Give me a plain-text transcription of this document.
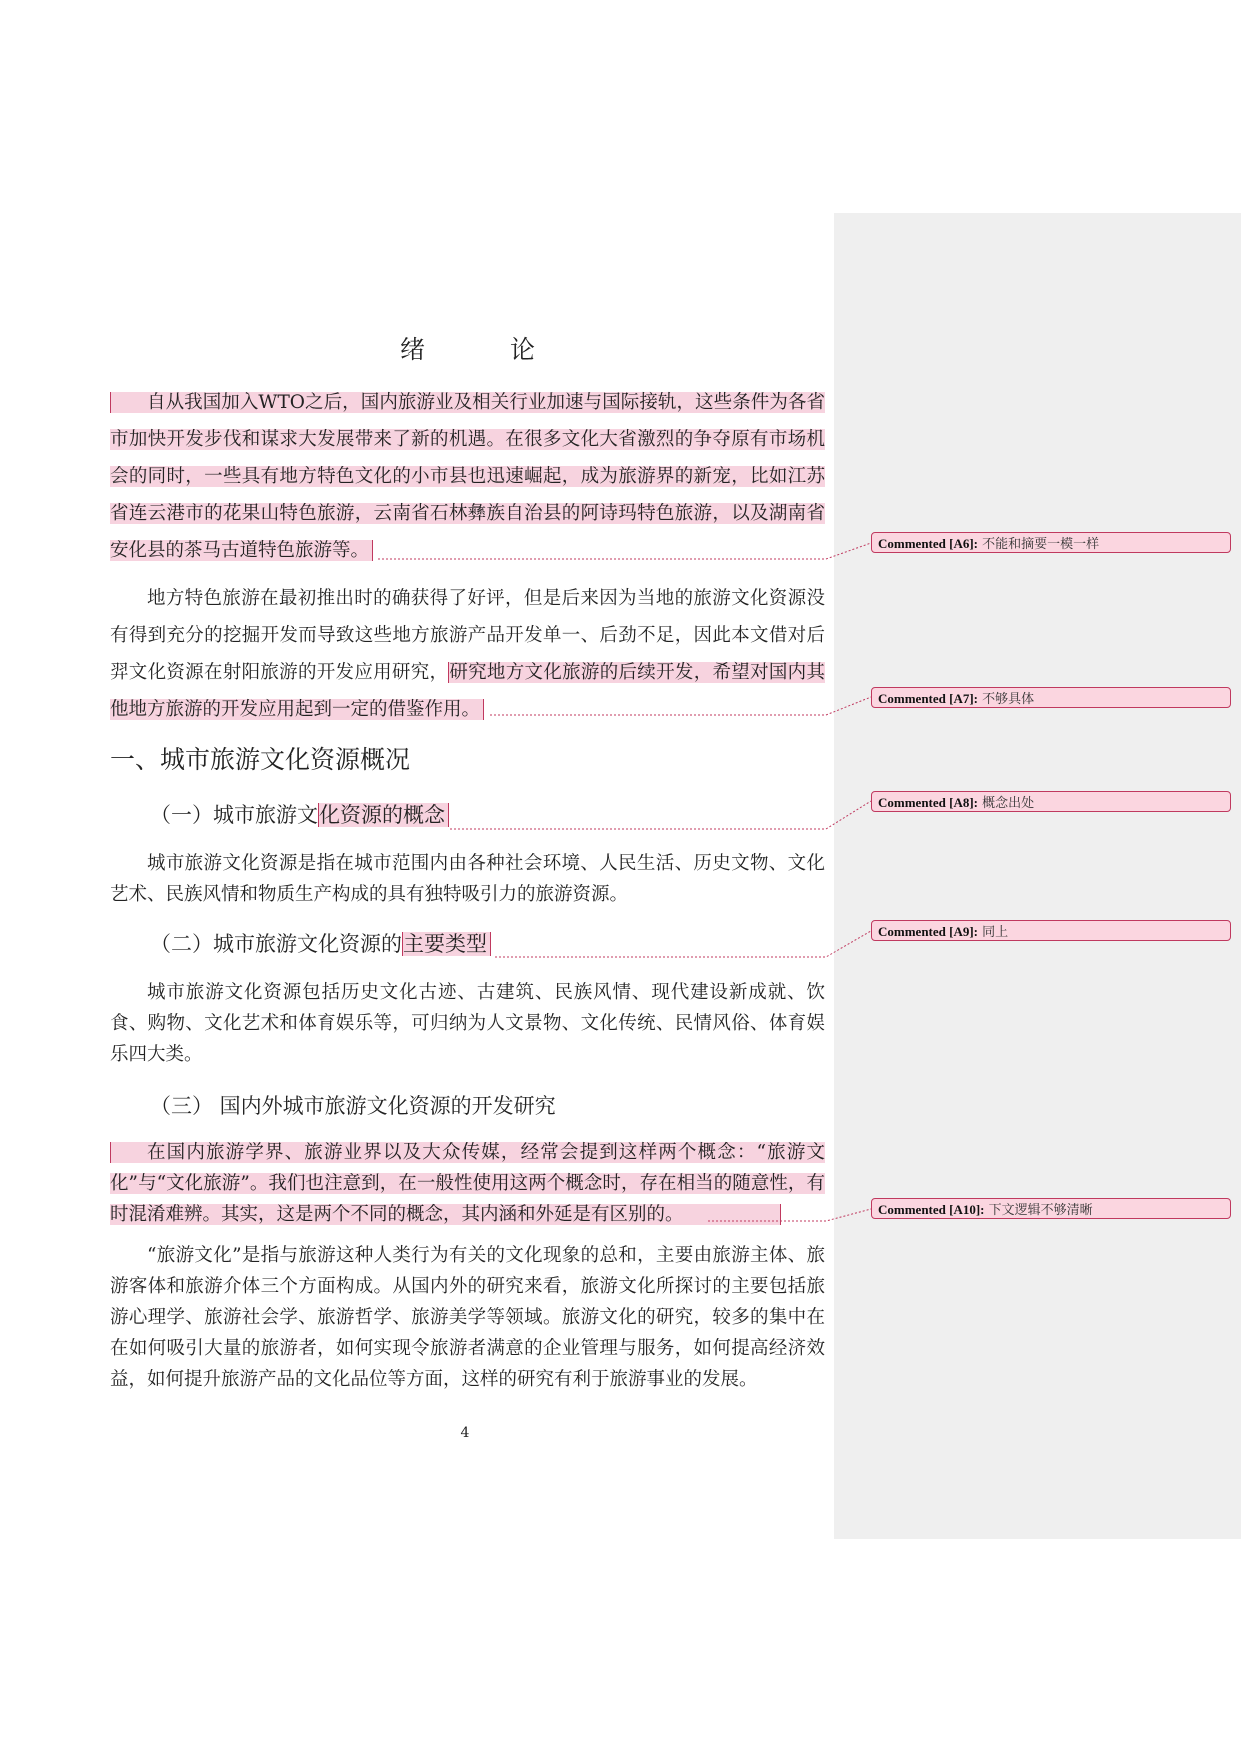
绪　论

自从我国加入WTO之后，国内旅游业及相关行业加速与国际接轨，这些条件为各省市加快开发步伐和谋求大发展带来了新的机遇。在很多文化大省激烈的争夺原有市场机会的同时，一些具有地方特色文化的小市县也迅速崛起，成为旅游界的新宠，比如江苏省连云港市的花果山特色旅游，云南省石林彝族自治县的阿诗玛特色旅游，以及湖南省安化县的茶马古道特色旅游等。

地方特色旅游在最初推出时的确获得了好评，但是后来因为当地的旅游文化资源没有得到充分的挖掘开发而导致这些地方旅游产品开发单一、后劲不足，因此本文借对后羿文化资源在射阳旅游的开发应用研究，研究地方文化旅游的后续开发，希望对国内其他地方旅游的开发应用起到一定的借鉴作用。

一、城市旅游文化资源概况
（一）城市旅游文化资源的概念

城市旅游文化资源是指在城市范围内由各种社会环境、人民生活、历史文物、文化艺术、民族风情和物质生产构成的具有独特吸引力的旅游资源。

（二）城市旅游文化资源的主要类型

城市旅游文化资源包括历史文化古迹、古建筑、民族风情、现代建设新成就、饮食、购物、文化艺术和体育娱乐等，可归纳为人文景物、文化传统、民情风俗、体育娱乐四大类。

（三） 国内外城市旅游文化资源的开发研究

在国内旅游学界、旅游业界以及大众传媒，经常会提到这样两个概念：“旅游文化”与“文化旅游”。我们也注意到，在一般性使用这两个概念时，存在相当的随意性，有时混淆难辨。其实，这是两个不同的概念，其内涵和外延是有区别的。

“旅游文化”是指与旅游这种人类行为有关的文化现象的总和，主要由旅游主体、旅游客体和旅游介体三个方面构成。从国内外的研究来看，旅游文化所探讨的主要包括旅游心理学、旅游社会学、旅游哲学、旅游美学等领域。旅游文化的研究，较多的集中在在如何吸引大量的旅游者，如何实现令旅游者满意的企业管理与服务，如何提高经济效益，如何提升旅游产品的文化品位等方面，这样的研究有利于旅游事业的发展。

4
Commented [A6]: 不能和摘要一模一样
Commented [A7]: 不够具体
Commented [A8]: 概念出处
Commented [A9]: 同上
Commented [A10]: 下文逻辑不够清晰
